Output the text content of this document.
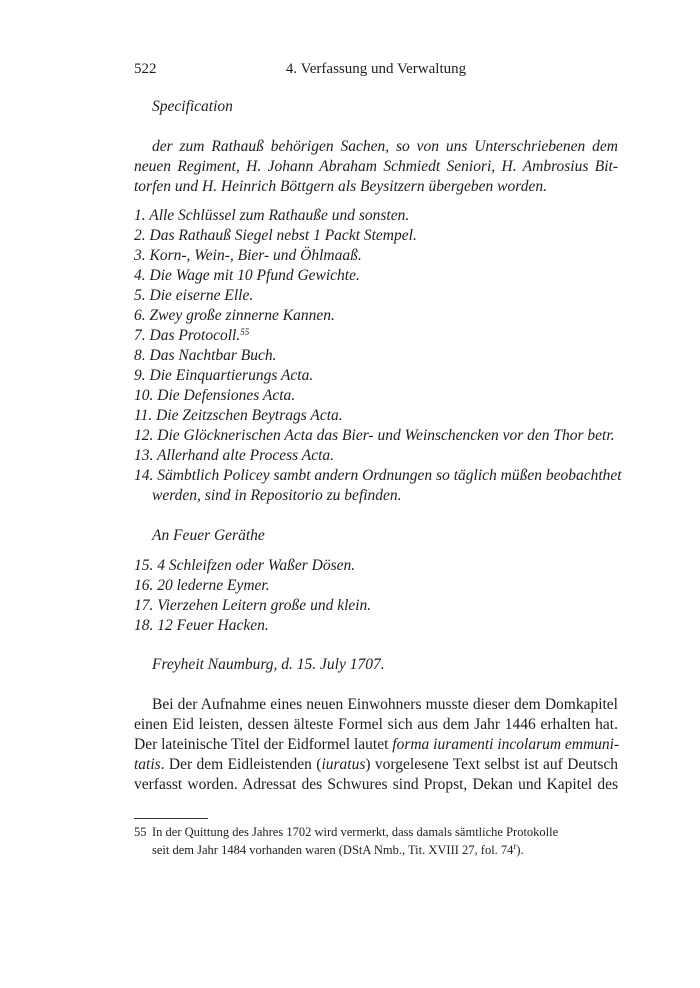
522	4. Verfassung und Verwaltung
Specification
der zum Rathauß behörigen Sachen, so von uns Unterschriebenen dem
neuen Regiment, H. Johann Abraham Schmiedt Seniori, H. Ambrosius Bit-
torfen und H. Heinrich Böttgern als Beysitzern übergeben worden.
1. Alle Schlüssel zum Rathauße und sonsten.
2. Das Rathauß Siegel nebst 1 Packt Stempel.
3. Korn-, Wein-, Bier- und Öhlmaaß.
4. Die Wage mit 10 Pfund Gewichte.
5. Die eiserne Elle.
6. Zwey große zinnerne Kannen.
7. Das Protocoll.$^{55}$
8. Das Nachtbar Buch.
9. Die Einquartierungs Acta.
10. Die Defensiones Acta.
11. Die Zeitzschen Beytrags Acta.
12. Die Glöcknerischen Acta das Bier- und Weinschencken vor den Thor betr.
13. Allerhand alte Process Acta.
14. Sämbtlich Policey sambt andern Ordnungen so täglich müßen beobachthet
werden, sind in Repositorio zu befinden.
An Feuer Geräthe
15. 4 Schleifzen oder Waßer Dösen.
16. 20 lederne Eymer.
17. Vierzehen Leitern große und klein.
18. 12 Feuer Hacken.
Freyheit Naumburg, d. 15. July 1707.
Bei der Aufnahme eines neuen Einwohners musste dieser dem Domkapitel
einen Eid leisten, dessen älteste Formel sich aus dem Jahr 1446 erhalten hat.
Der lateinische Titel der Eidformel lautet forma iuramenti incolarum emmuni-
tatis. Der dem Eidleistenden (iuratus) vorgelesene Text selbst ist auf Deutsch
verfasst worden. Adressat des Schwures sind Propst, Dekan und Kapitel des
55 In der Quittung des Jahres 1702 wird vermerkt, dass damals sämtliche Protokolle
seit dem Jahr 1484 vorhanden waren (DStA Nmb., Tit. XVIII 27, fol. 74$^r$).
